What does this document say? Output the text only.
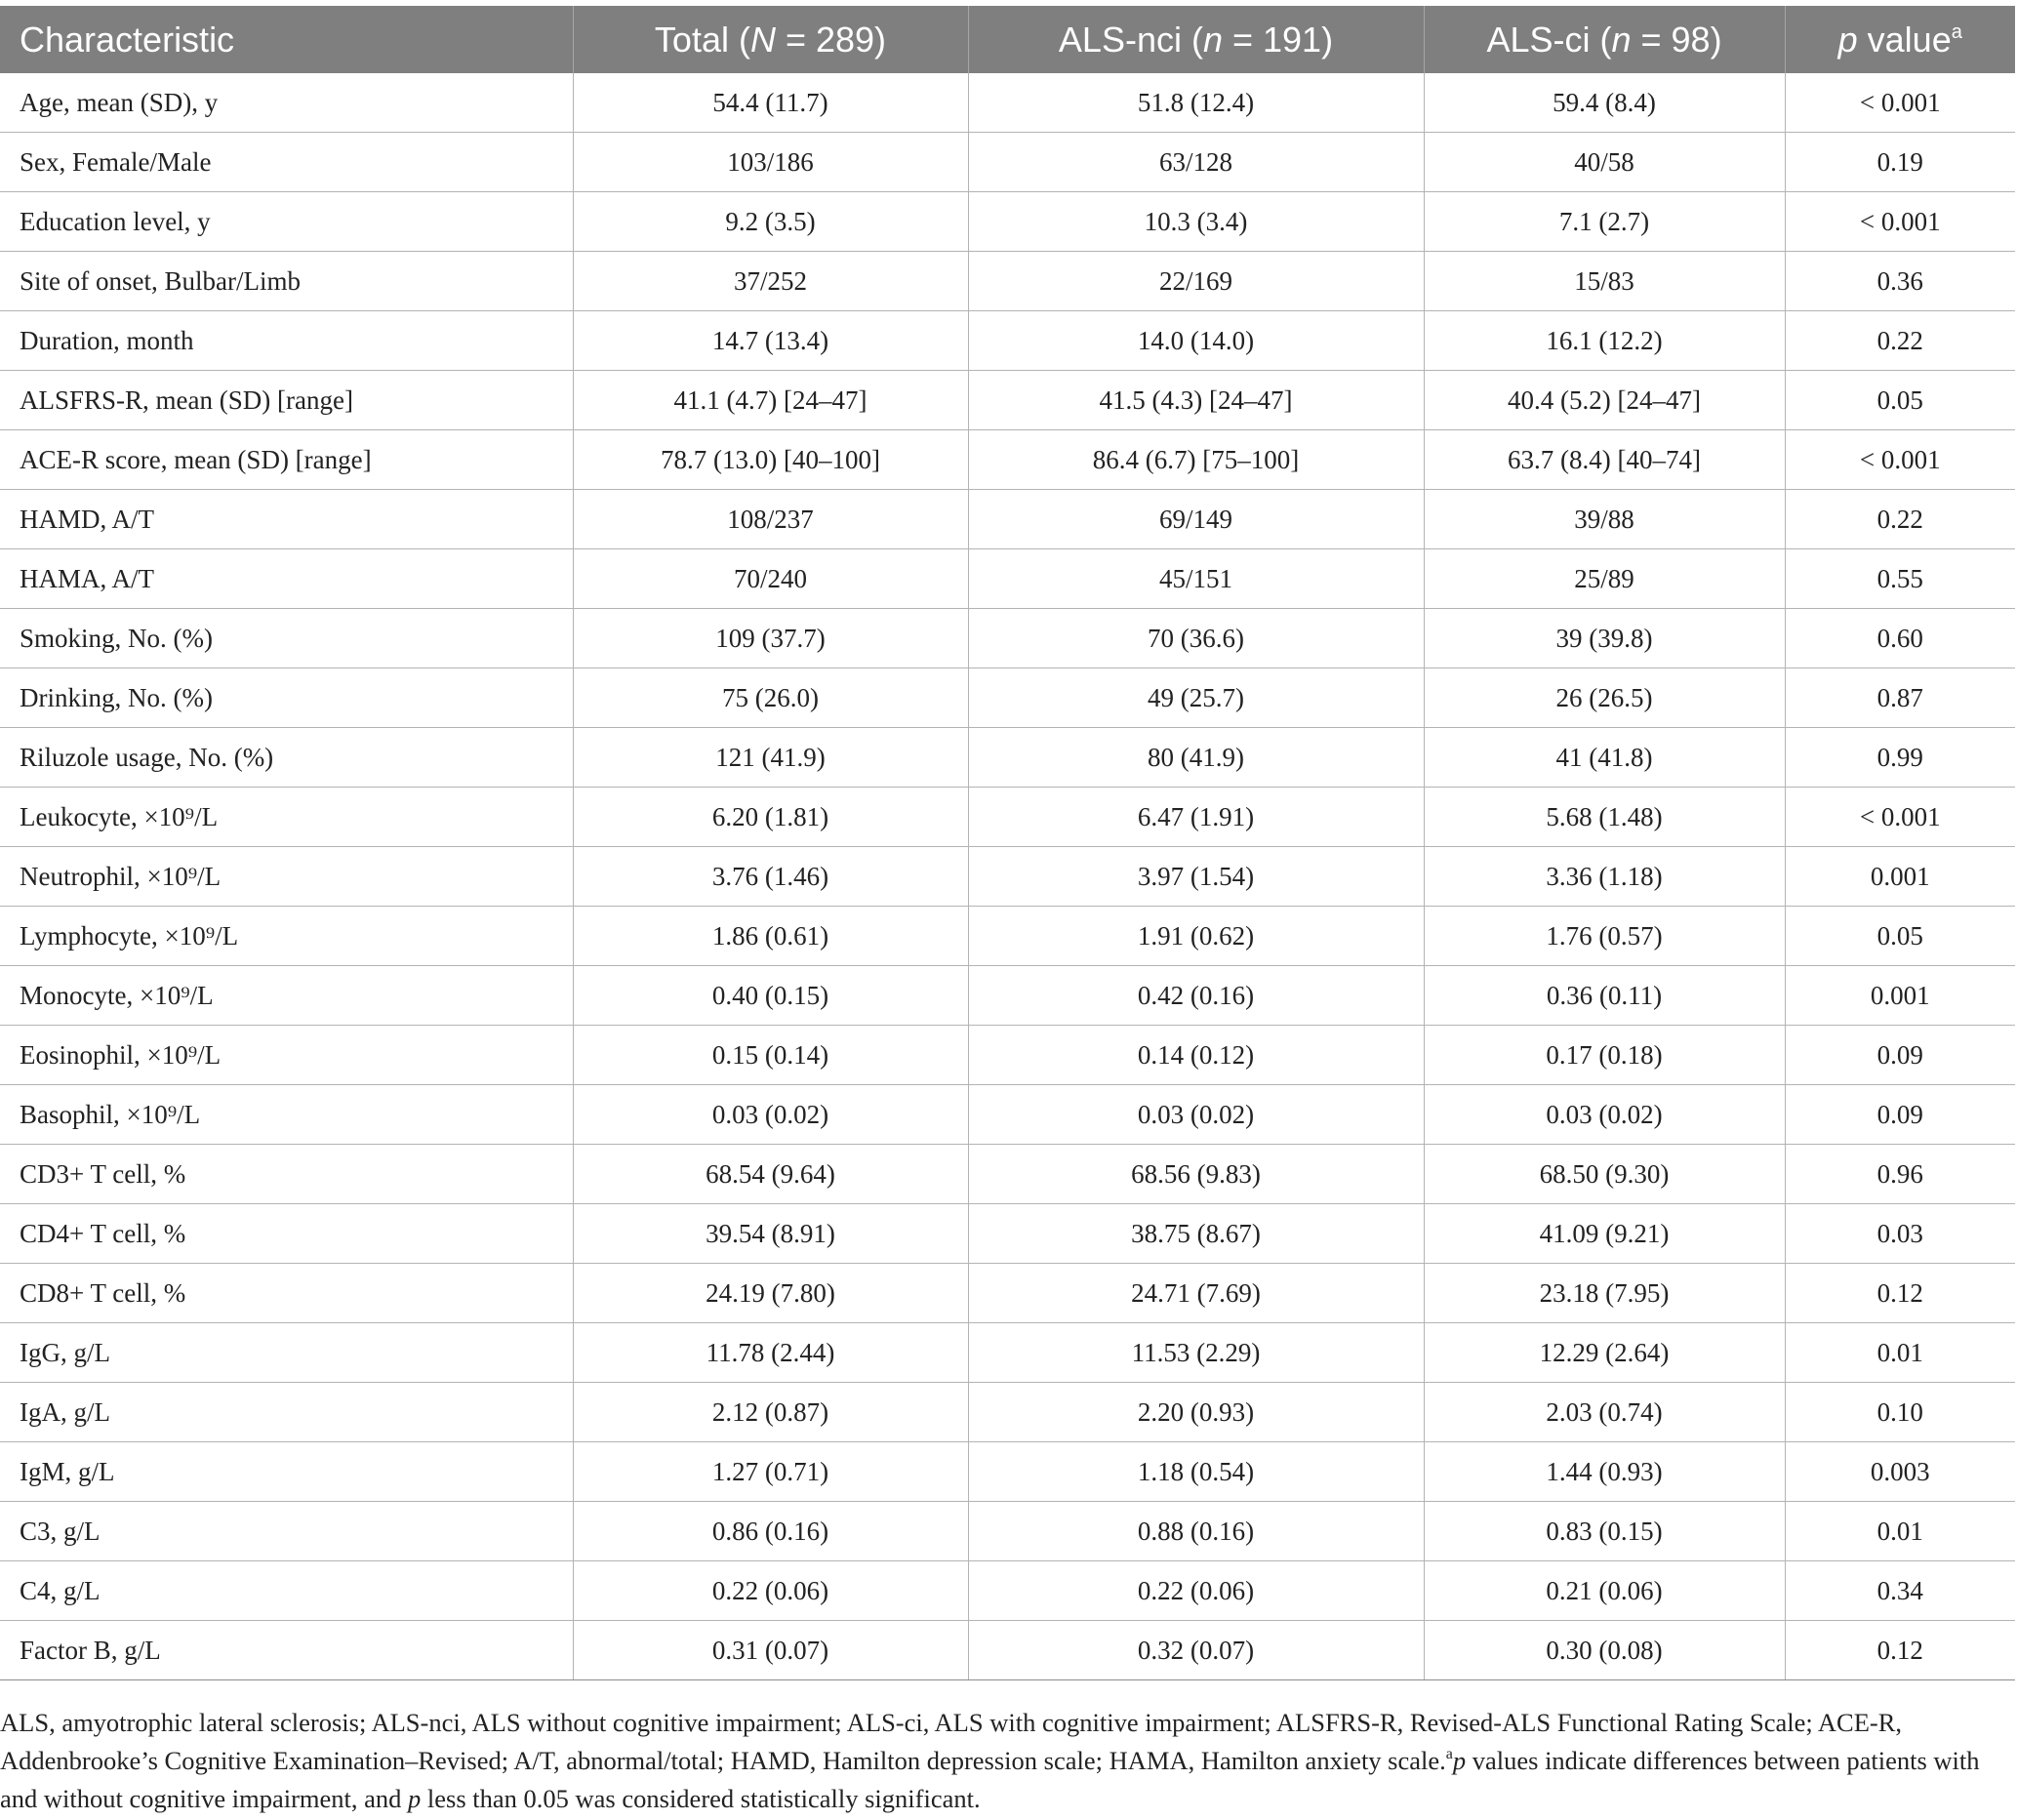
Characteristic	Total (N = 289)	ALS-nci (n = 191)	ALS-ci (n = 98)	p value$^a$
Age, mean (SD), y	54.4 (11.7)	51.8 (12.4)	59.4 (8.4)	< 0.001
Sex, Female/Male	103/186	63/128	40/58	0.19
Education level, y	9.2 (3.5)	10.3 (3.4)	7.1 (2.7)	< 0.001
Site of onset, Bulbar/Limb	37/252	22/169	15/83	0.36
Duration, month	14.7 (13.4)	14.0 (14.0)	16.1 (12.2)	0.22
ALSFRS-R, mean (SD) [range]	41.1 (4.7) [24–47]	41.5 (4.3) [24–47]	40.4 (5.2) [24–47]	0.05
ACE-R score, mean (SD) [range]	78.7 (13.0) [40–100]	86.4 (6.7) [75–100]	63.7 (8.4) [40–74]	< 0.001
HAMD, A/T	108/237	69/149	39/88	0.22
HAMA, A/T	70/240	45/151	25/89	0.55
Smoking, No. (%)	109 (37.7)	70 (36.6)	39 (39.8)	0.60
Drinking, No. (%)	75 (26.0)	49 (25.7)	26 (26.5)	0.87
Riluzole usage, No. (%)	121 (41.9)	80 (41.9)	41 (41.8)	0.99
Leukocyte, ×10⁹/L	6.20 (1.81)	6.47 (1.91)	5.68 (1.48)	< 0.001
Neutrophil, ×10⁹/L	3.76 (1.46)	3.97 (1.54)	3.36 (1.18)	0.001
Lymphocyte, ×10⁹/L	1.86 (0.61)	1.91 (0.62)	1.76 (0.57)	0.05
Monocyte, ×10⁹/L	0.40 (0.15)	0.42 (0.16)	0.36 (0.11)	0.001
Eosinophil, ×10⁹/L	0.15 (0.14)	0.14 (0.12)	0.17 (0.18)	0.09
Basophil, ×10⁹/L	0.03 (0.02)	0.03 (0.02)	0.03 (0.02)	0.09
CD3+ T cell, %	68.54 (9.64)	68.56 (9.83)	68.50 (9.30)	0.96
CD4+ T cell, %	39.54 (8.91)	38.75 (8.67)	41.09 (9.21)	0.03
CD8+ T cell, %	24.19 (7.80)	24.71 (7.69)	23.18 (7.95)	0.12
IgG, g/L	11.78 (2.44)	11.53 (2.29)	12.29 (2.64)	0.01
IgA, g/L	2.12 (0.87)	2.20 (0.93)	2.03 (0.74)	0.10
IgM, g/L	1.27 (0.71)	1.18 (0.54)	1.44 (0.93)	0.003
C3, g/L	0.86 (0.16)	0.88 (0.16)	0.83 (0.15)	0.01
C4, g/L	0.22 (0.06)	0.22 (0.06)	0.21 (0.06)	0.34
Factor B, g/L	0.31 (0.07)	0.32 (0.07)	0.30 (0.08)	0.12
ALS, amyotrophic lateral sclerosis; ALS-nci, ALS without cognitive impairment; ALS-ci, ALS with cognitive impairment; ALSFRS-R, Revised-ALS Functional Rating Scale; ACE-R, Addenbrooke’s Cognitive Examination–Revised; A/T, abnormal/total; HAMD, Hamilton depression scale; HAMA, Hamilton anxiety scale.$^a$p values indicate differences between patients with and without cognitive impairment, and p less than 0.05 was considered statistically significant.
